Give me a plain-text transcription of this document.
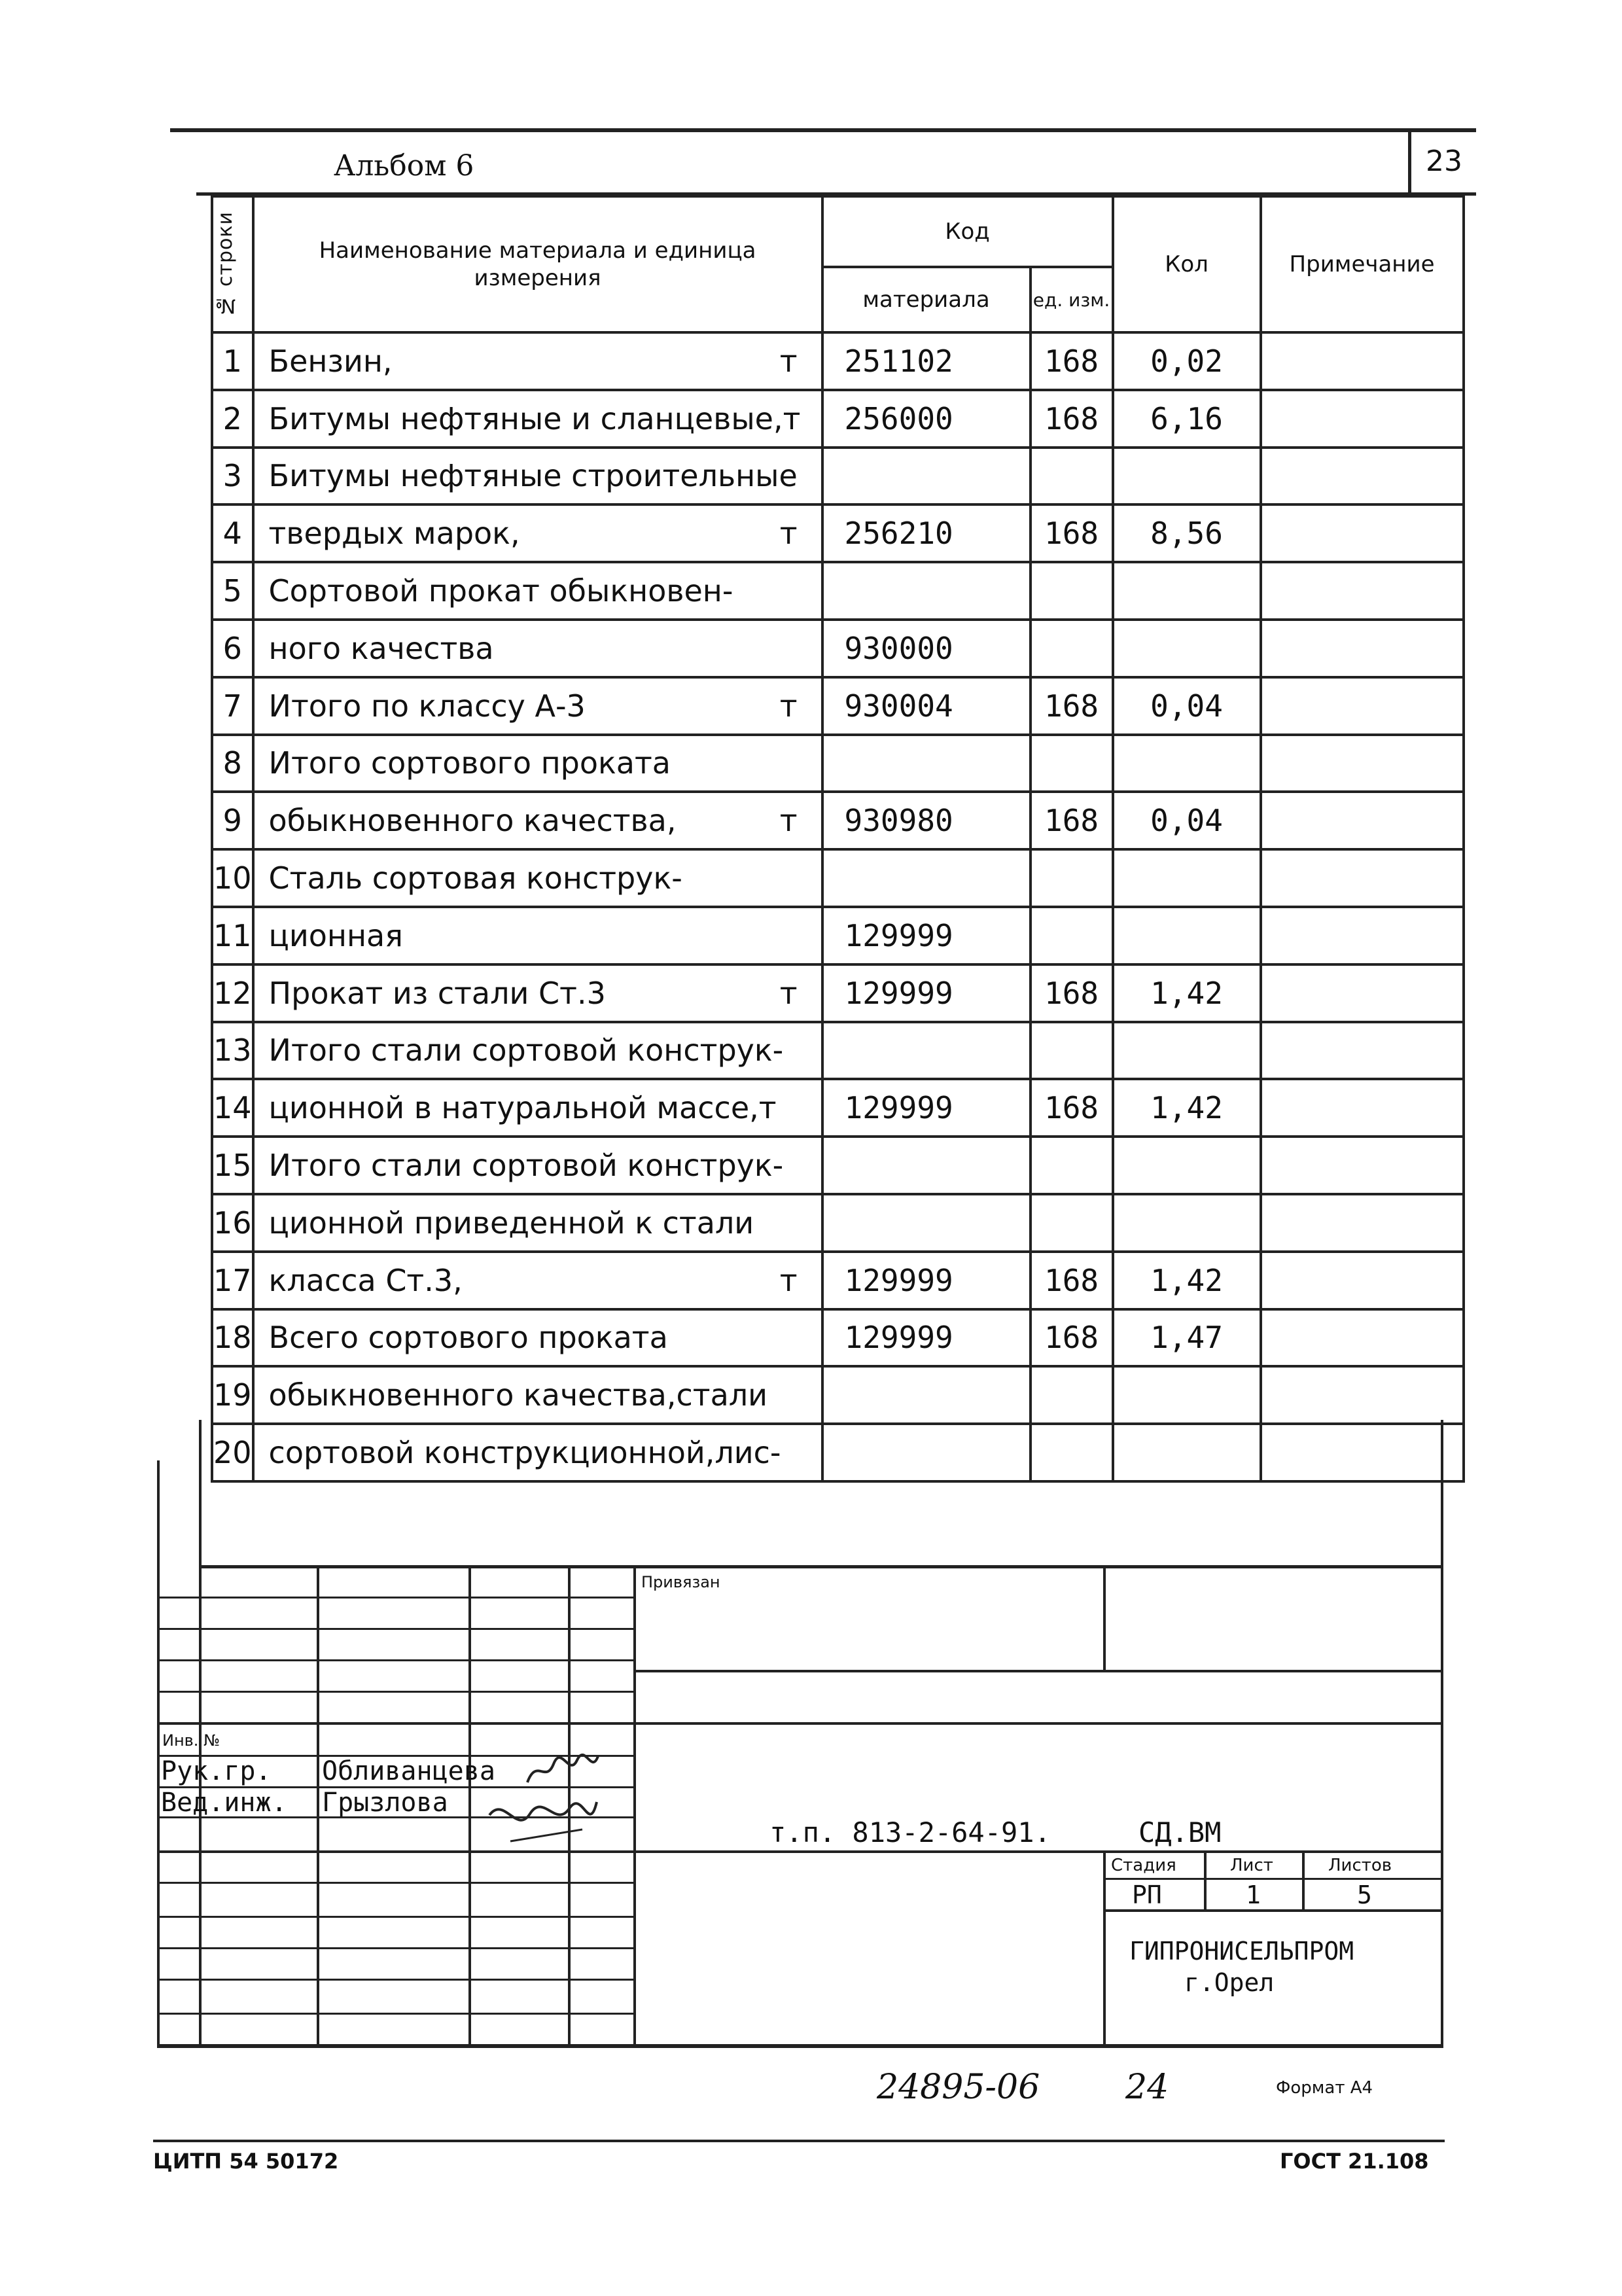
Альбом 6	23
№ строки	Наименование материала и единица измерения	Код		Кол	Примечание
		материала	ед. изм.		
1	Бензин, т	251102	168	0,02	
2	Битумы нефтяные и сланцевые,т	256000	168	6,16	
3	Битумы нефтяные строительные

4	твердых марок, т	256210	168	8,56	
5	Сортовой прокат обыкновен-

6	ного качества	930000			
7	Итого по классу А-3 т	930004	168	0,04	
8	Итого сортового проката

9	обыкновенного качества, т	930980	168	0,04	
10	Сталь сортовая конструк-

11	ционная	129999			
12	Прокат из стали Ст.3 т	129999	168	1,42	
13	Итого стали сортовой конструк-

14	ционной в натуральной массе,т	129999	168	1,42	
15	Итого стали сортовой конструк-

16	ционной приведенной к стали

17	класса Ст.3, т	129999	168	1,42	
18	Всего сортового проката	129999	168	1,47	
19	обыкновенного качества,стали

20	сортовой конструкционной,лис-

Привязан
Инв. №
Рук.гр. Обливанцева
Вед.инж. Грызлова
т.п. 813-2-64-91.	СД.ВМ
Стадия	Лист	Листов
РП	1	5
ГИПРОНИСЕЛЬПРОМ
г.Орел
24895-06	24	Формат А4
ЦИТП 54 50172	ГОСТ 21.108
